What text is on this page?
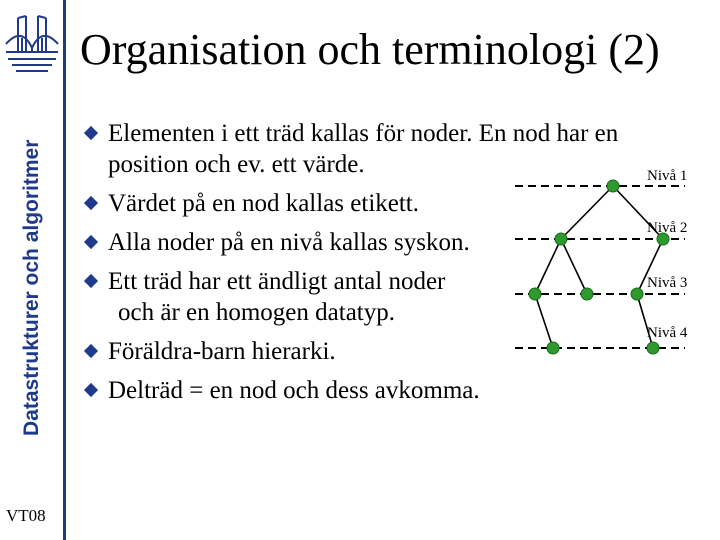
Datastrukturer och algoritmer
VT08
Organisation och terminologi (2)
Elementen i ett träd kallas för noder. En nod har en
position och ev. ett värde.
Värdet på en nod kallas etikett.
Alla noder på en nivå kallas syskon.
Ett träd har ett ändligt antal noder
och är en homogen datatyp.
Föräldra-barn hierarki.
Delträd = en nod och dess avkomma.
Nivå 1
Nivå 2
Nivå 3
Nivå 4
